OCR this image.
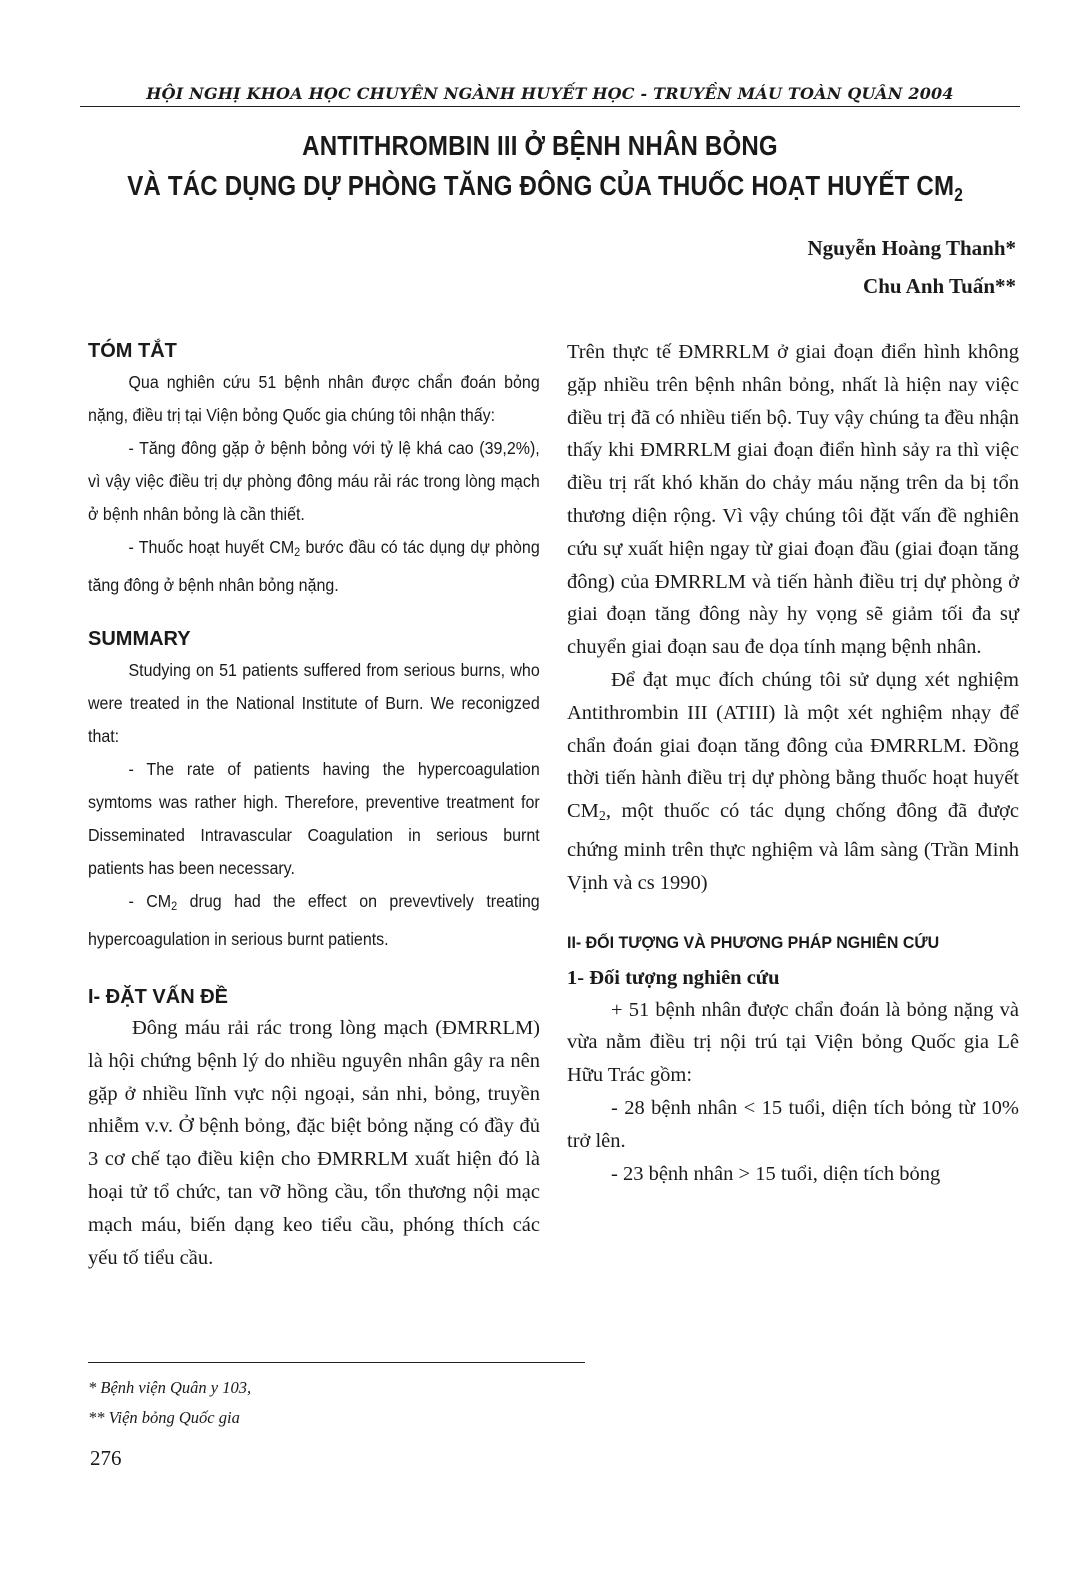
HỘI NGHỊ KHOA HỌC CHUYÊN NGÀNH HUYẾT HỌC - TRUYỀN MÁU TOÀN QUÂN 2004
ANTITHROMBIN III Ở BỆNH NHÂN BỎNG
VÀ TÁC DỤNG DỰ PHÒNG TĂNG ĐÔNG CỦA THUỐC HOẠT HUYẾT $CM_2$
Nguyễn Hoàng Thanh*
Chu Anh Tuấn**
TÓM TẮT

Qua nghiên cứu 51 bệnh nhân được chẩn đoán bỏng nặng, điều trị tại Viện bỏng Quốc gia chúng tôi nhận thấy:

- Tăng đông gặp ở bệnh bỏng với tỷ lệ khá cao (39,2%), vì vậy việc điều trị dự phòng đông máu rải rác trong lòng mạch ở bệnh nhân bỏng là cần thiết.

- Thuốc hoạt huyết $CM_2$ bước đầu có tác dụng dự phòng tăng đông ở bệnh nhân bỏng nặng.

SUMMARY

Studying on 51 patients suffered from serious burns, who were treated in the National Institute of Burn. We reconigzed that:

- The rate of patients having the hypercoagulation symtoms was rather high. Therefore, preventive treatment for Disseminated Intravascular Coagulation in serious burnt patients has been necessary.

- $CM_2$ drug had the effect on prevevtively treating hypercoagulation in serious burnt patients.

I- ĐẶT VẤN ĐỀ

Đông máu rải rác trong lòng mạch (ĐMRRLM) là hội chứng bệnh lý do nhiều nguyên nhân gây ra nên gặp ở nhiều lĩnh vực nội ngoại, sản nhi, bỏng, truyền nhiễm v.v. Ở bệnh bỏng, đặc biệt bỏng nặng có đầy đủ 3 cơ chế tạo điều kiện cho ĐMRRLM xuất hiện đó là hoại tử tổ chức, tan vỡ hồng cầu, tổn thương nội mạc mạch máu, biến dạng keo tiểu cầu, phóng thích các yếu tố tiểu cầu.

Trên thực tế ĐMRRLM ở giai đoạn điển hình không gặp nhiều trên bệnh nhân bỏng, nhất là hiện nay việc điều trị đã có nhiều tiến bộ. Tuy vậy chúng ta đều nhận thấy khi ĐMRRLM giai đoạn điển hình sảy ra thì việc điều trị rất khó khăn do chảy máu nặng trên da bị tổn thương diện rộng. Vì vậy chúng tôi đặt vấn đề nghiên cứu sự xuất hiện ngay từ giai đoạn đầu (giai đoạn tăng đông) của ĐMRRLM và tiến hành điều trị dự phòng ở giai đoạn tăng đông này hy vọng sẽ giảm tối đa sự chuyển giai đoạn sau đe dọa tính mạng bệnh nhân.

Để đạt mục đích chúng tôi sử dụng xét nghiệm Antithrombin III (ATIII) là một xét nghiệm nhạy để chẩn đoán giai đoạn tăng đông của ĐMRRLM. Đồng thời tiến hành điều trị dự phòng bằng thuốc hoạt huyết $CM_2$, một thuốc có tác dụng chống đông đã được chứng minh trên thực nghiệm và lâm sàng (Trần Minh Vịnh và cs 1990)

II- ĐỐI TƯỢNG VÀ PHƯƠNG PHÁP NGHIÊN CỨU

1- Đối tượng nghiên cứu

+ 51 bệnh nhân được chẩn đoán là bỏng nặng và vừa nằm điều trị nội trú tại Viện bỏng Quốc gia Lê Hữu Trác gồm:

- 28 bệnh nhân < 15 tuổi, diện tích bỏng từ 10% trở lên.

- 23 bệnh nhân > 15 tuổi, diện tích bỏng

* Bệnh viện Quân y 103,
** Viện bỏng Quốc gia
276
